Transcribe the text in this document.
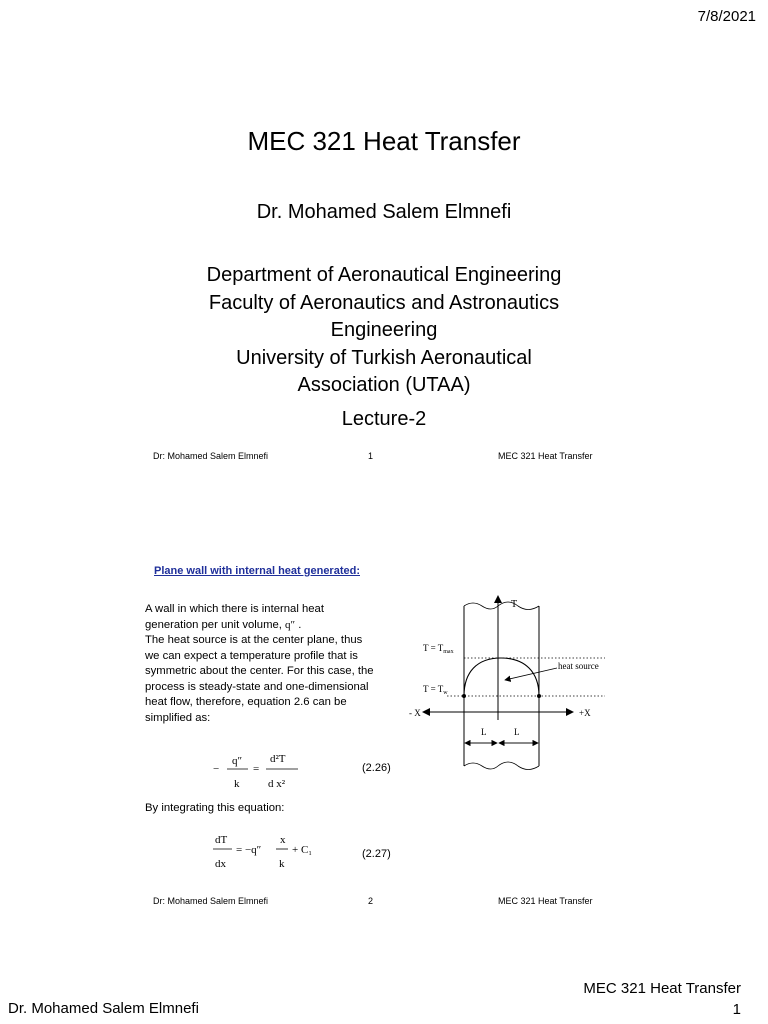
7/8/2021
MEC 321 Heat Transfer
Dr. Mohamed Salem Elmnefi
Department of Aeronautical Engineering
Faculty of Aeronautics and Astronautics
Engineering
University of Turkish Aeronautical
Association (UTAA)
Lecture-2
Dr: Mohamed Salem Elmnefi	1	MEC 321 Heat Transfer
Plane wall with internal heat generated:
A wall in which there is internal heat
generation per unit volume, q″ .
The heat source is at the center plane, thus
we can expect a temperature profile that is
symmetric about the center. For this case, the
process is steady-state and one-dimensional
heat flow, therefore, equation 2.6 can be
simplified as:
−
q″
k
=
d²T
d x²
(2.26)
By integrating this equation:
dT
dx
= −q″
x
k
+ C₁	(2.27)
T
- X	+X
$T = T_{max}$
$T = T_w$
heat source
L	L
Dr: Mohamed Salem Elmnefi	2	MEC 321 Heat Transfer
Dr. Mohamed Salem Elmnefi
MEC 321 Heat Transfer
1
